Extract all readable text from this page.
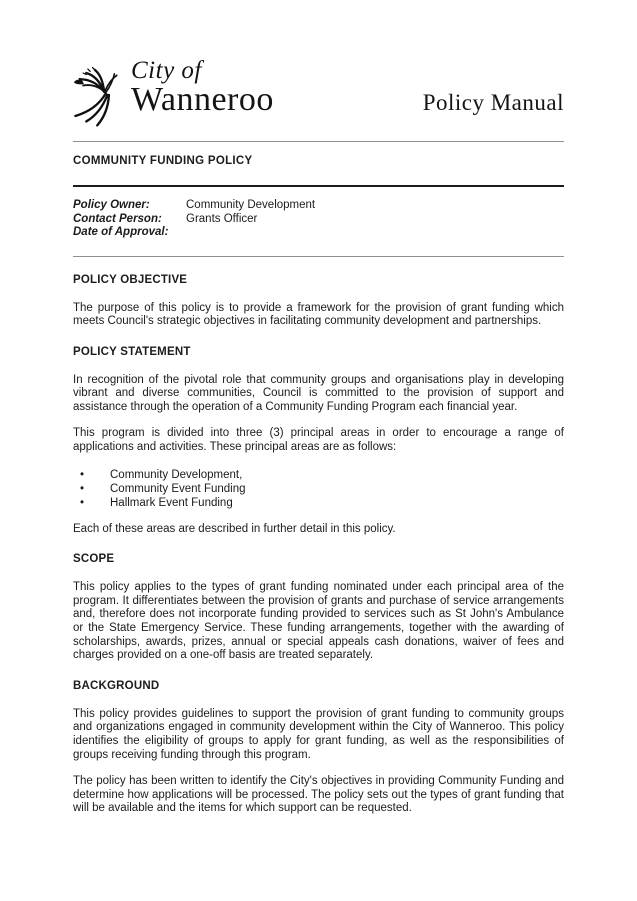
City of
Wanneroo	Policy Manual
COMMUNITY FUNDING POLICY
Policy Owner:	Community Development
Contact Person:	Grants Officer
Date of Approval:
POLICY OBJECTIVE

The purpose of this policy is to provide a framework for the provision of grant funding which meets Council's strategic objectives in facilitating community development and partnerships.

POLICY STATEMENT

In recognition of the pivotal role that community groups and organisations play in developing vibrant and diverse communities, Council is committed to the provision of support and assistance through the operation of a Community Funding Program each financial year.

This program is divided into three (3) principal areas in order to encourage a range of applications and activities. These principal areas are as follows:

•	Community Development,
•	Community Event Funding
•	Hallmark Event Funding

Each of these areas are described in further detail in this policy.

SCOPE

This policy applies to the types of grant funding nominated under each principal area of the program. It differentiates between the provision of grants and purchase of service arrangements and, therefore does not incorporate funding provided to services such as St John's Ambulance or the State Emergency Service. These funding arrangements, together with the awarding of scholarships, awards, prizes, annual or special appeals cash donations, waiver of fees and charges provided on a one-off basis are treated separately.

BACKGROUND

This policy provides guidelines to support the provision of grant funding to community groups and organizations engaged in community development within the City of Wanneroo. This policy identifies the eligibility of groups to apply for grant funding, as well as the responsibilities of groups receiving funding through this program.

The policy has been written to identify the City's objectives in providing Community Funding and determine how applications will be processed. The policy sets out the types of grant funding that will be available and the items for which support can be requested.
